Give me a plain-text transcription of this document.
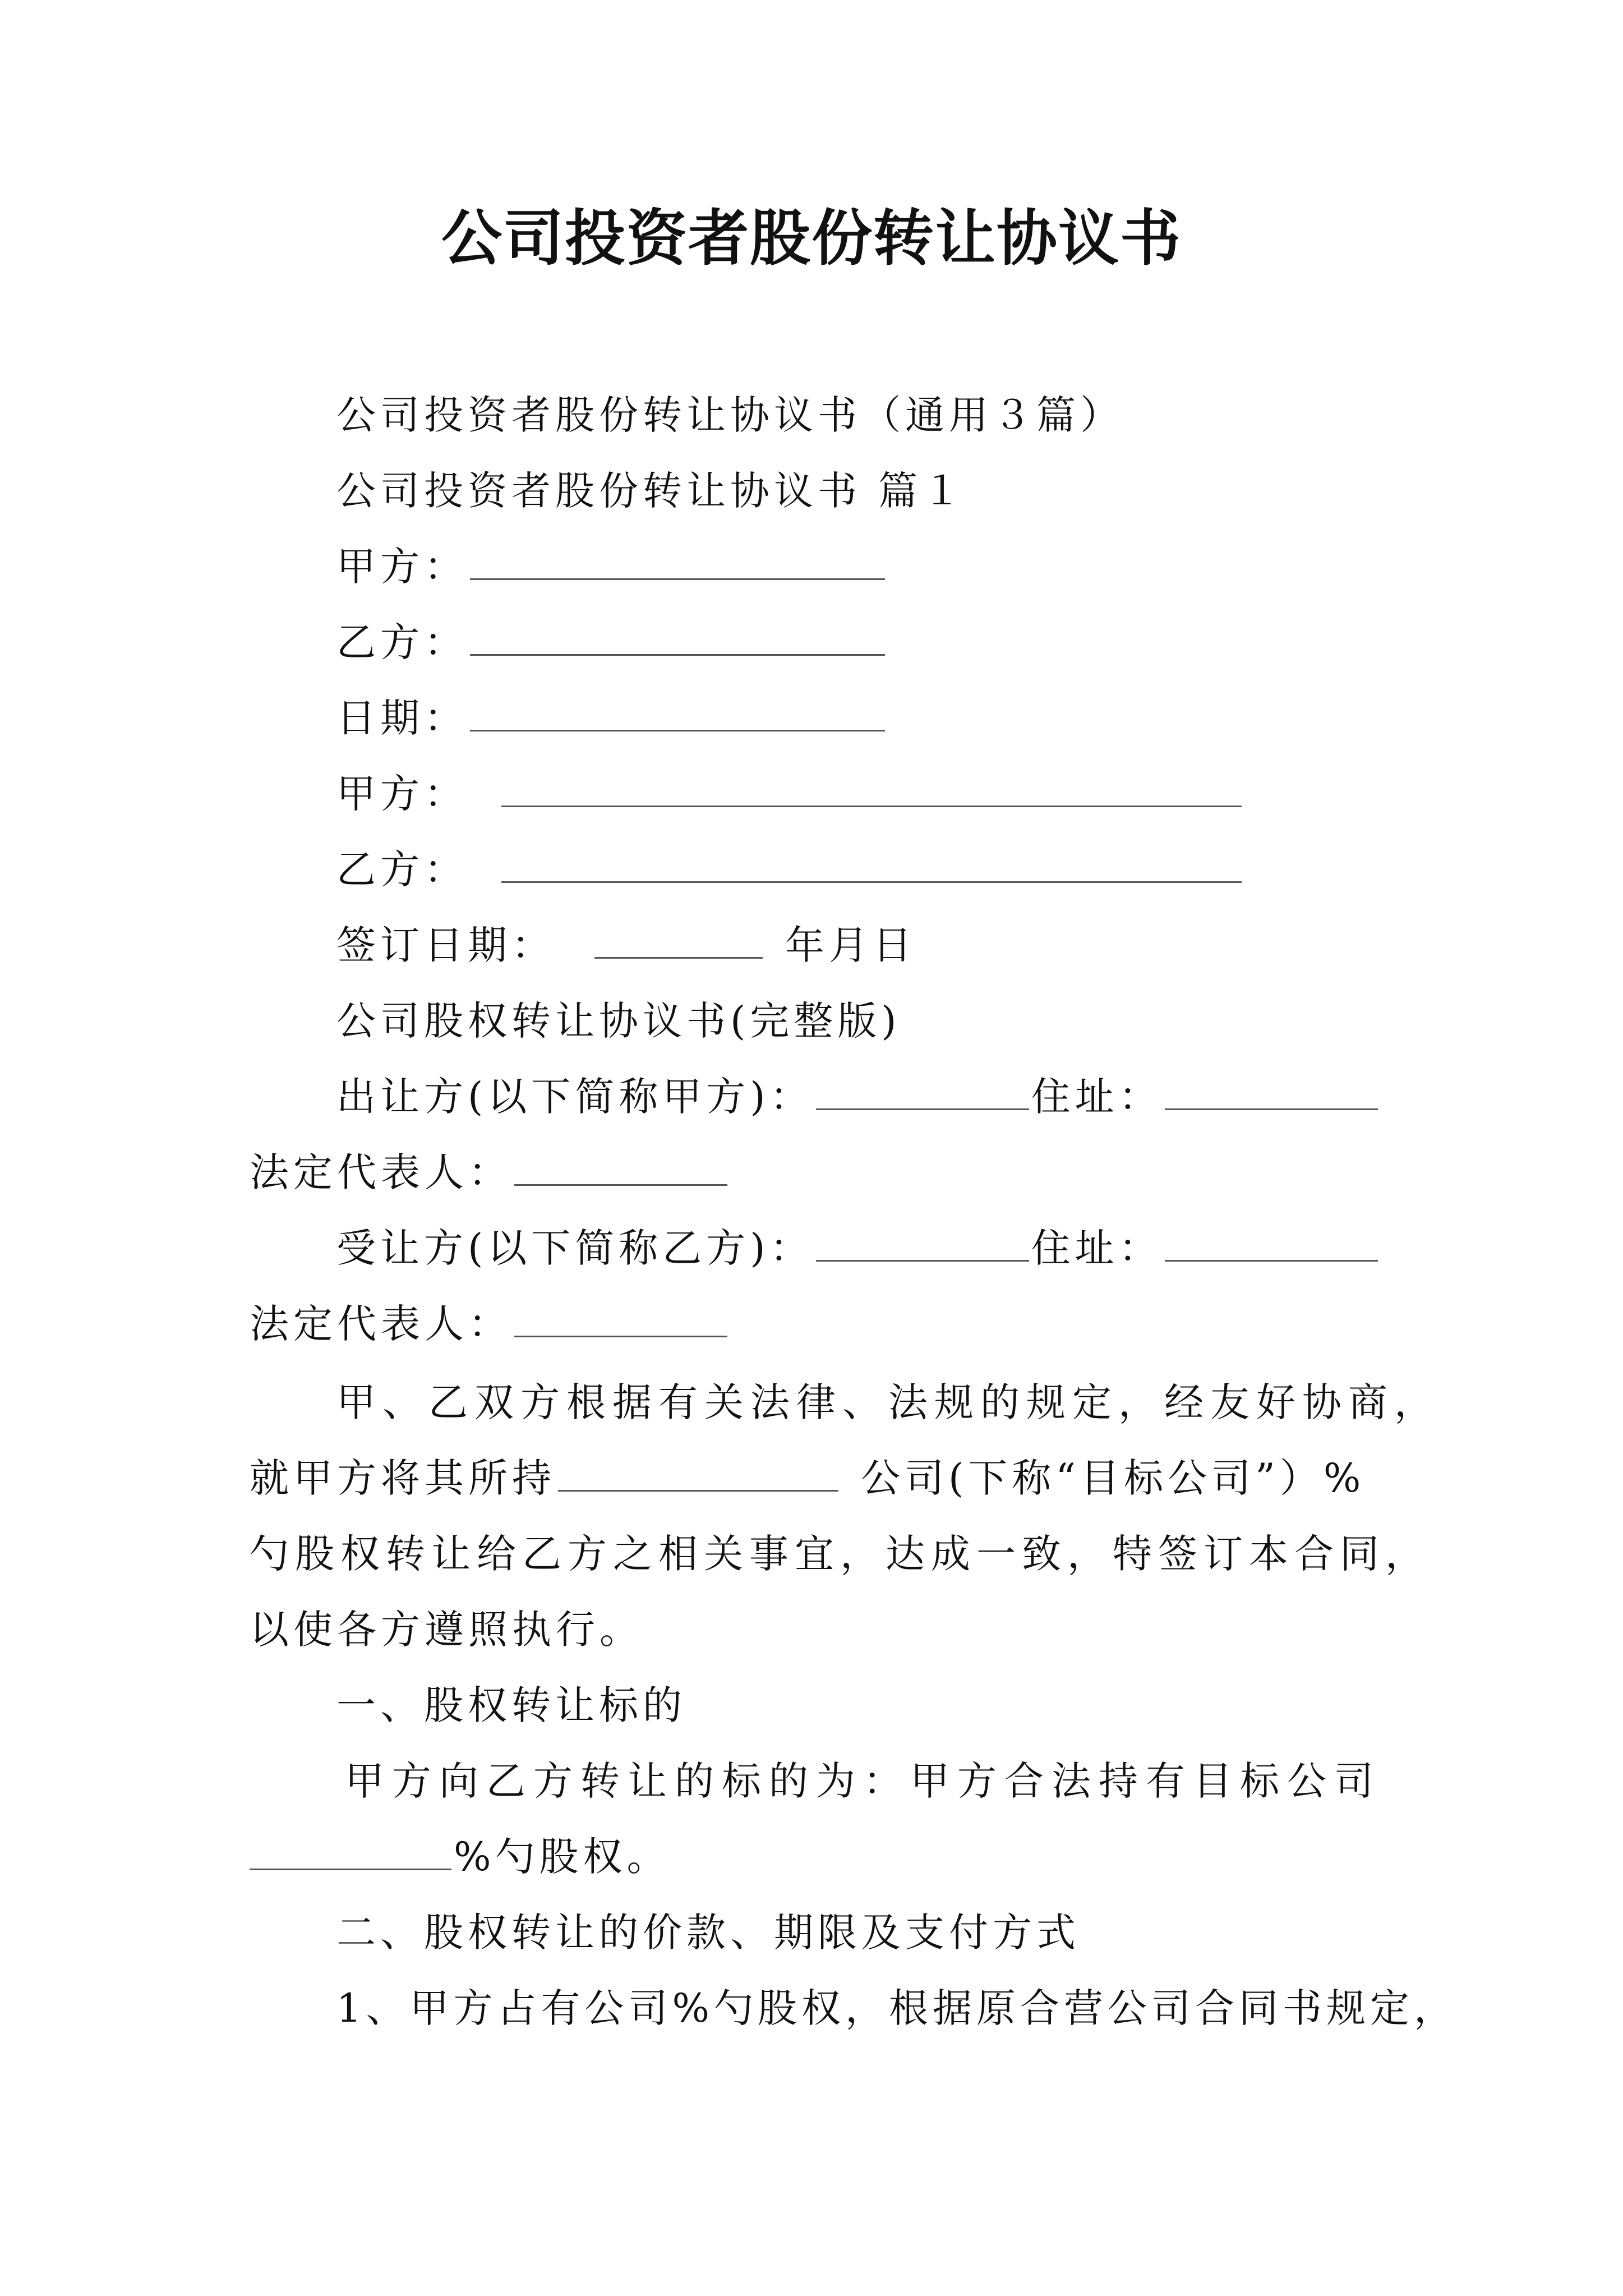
公司投资者股份转让协议书
公司投资者股份转让协议书（通用３篇）
公司投资者股份转让协议书 篇１
甲方：
乙方：
日期：
甲方：
乙方：
签订日期：	年月日
公司股权转让协议书(完整版)
出让方(以下简称甲方)：	住址：
法定代表人：
受让方(以下简称乙方)：	住址：
法定代表人：
甲、乙双方根据有关法律、法规的规定，经友好协商，
就甲方将其所持	公司(下称“目标公司”）%
勺股权转让给乙方之相关事宜，达成一致，特签订本合同，
以使各方遵照执行。
一、股权转让标的
甲方向乙方转让的标的为：甲方合法持有目标公司
%勺股权。
二、股权转让的价款、期限及支付方式
1、甲方占有公司%勺股权，根据原合营公司合同书规定，
